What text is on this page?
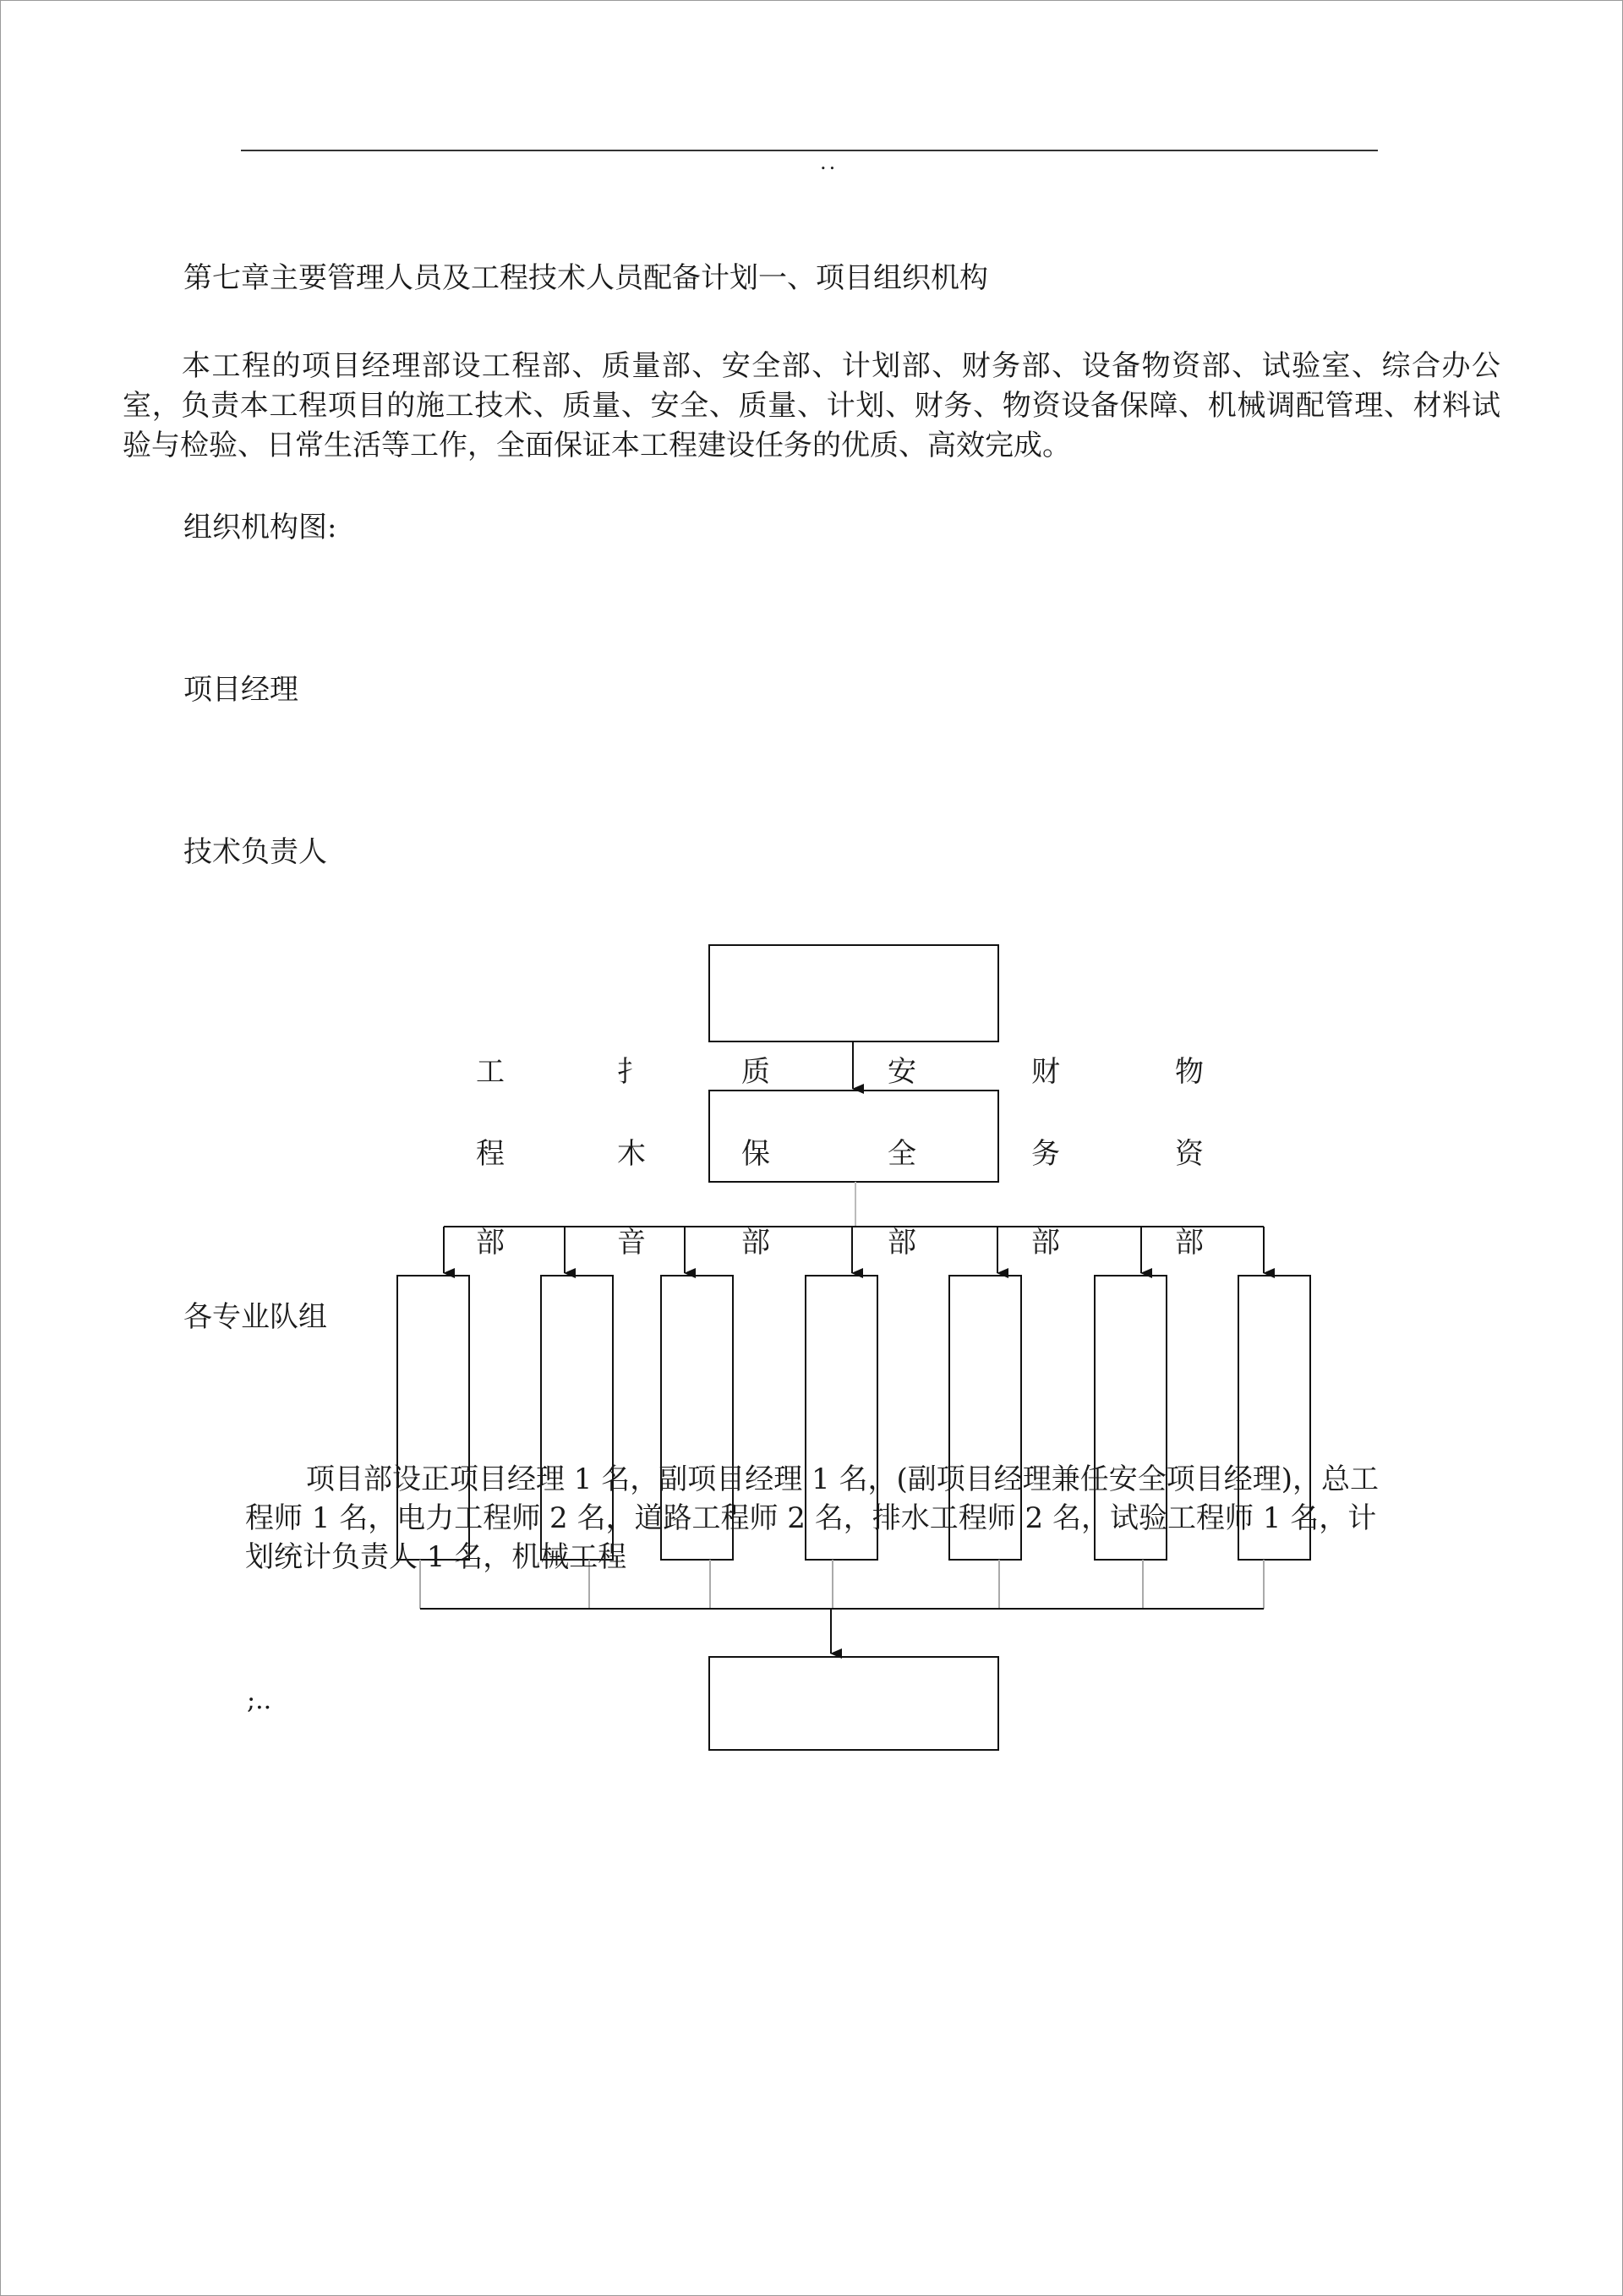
..
第七章主要管理人员及工程技术人员配备计划一、项目组织机构
本工程的项目经理部设工程部、质量部、安全部、计划部、财务部、设备物资部、试验室、综合办公室，负责本工程项目的施工技术、质量、安全、质量、计划、财务、物资设备保障、机械调配管理、材料试验与检验、日常生活等工作，全面保证本工程建设任务的优质、高效完成。
组织机构图:
项目经理
技术负责人
各专业队组
工
程
部
扌
木
音
质
保
部
安
全
部
财
务
部
物
资
部
项目部设正项目经理 1 名，副项目经理 1 名，(副项目经理兼任安全项目经理)，总工程师 1 名，电力工程师 2 名，道路工程师 2 名，排水工程师 2 名，试验工程师 1 名，计划统计负责人 1 名，机械工程
;..
